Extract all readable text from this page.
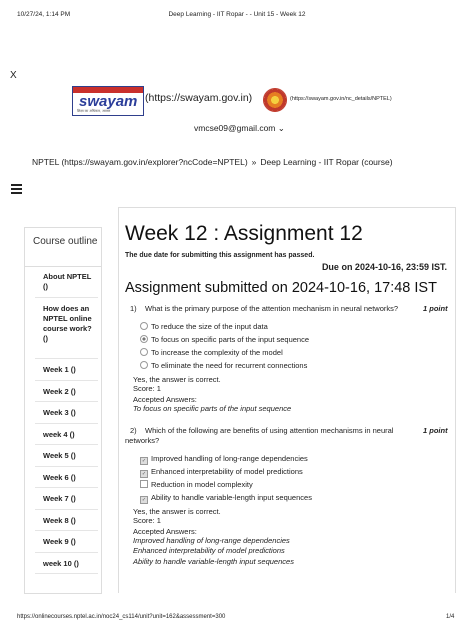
10/27/24, 1:14 PM	Deep Learning - IIT Ropar - - Unit 15 - Week 12
X
swayam
शिक्षा का अधिकार, अवसर
(https://swayam.gov.in)	(https://swayam.gov.in/nc_details/NPTEL)
vmcse09@gmail.com ⌄
NPTEL (https://swayam.gov.in/explorer?ncCode=NPTEL) » Deep Learning - IIT Ropar (course)
Course outline
About NPTEL ()
How does an NPTEL online course work? ()
Week 1 ()
Week 2 ()
Week 3 ()
week 4 ()
Week 5 ()
Week 6 ()
Week 7 ()
Week 8 ()
Week 9 ()
week 10 ()
Week 12 : Assignment 12
The due date for submitting this assignment has passed.
Due on 2024-10-16, 23:59 IST.
Assignment submitted on 2024-10-16, 17:48 IST
1) What is the primary purpose of the attention mechanism in neural networks?	1 point
To reduce the size of the input data
To focus on specific parts of the input sequence
To increase the complexity of the model
To eliminate the need for recurrent connections
Yes, the answer is correct.
Score: 1
Accepted Answers:
To focus on specific parts of the input sequence
2) Which of the following are benefits of using attention mechanisms in neural
networks?
1 point
✓ Improved handling of long-range dependencies
✓ Enhanced interpretability of model predictions
Reduction in model complexity
✓ Ability to handle variable-length input sequences
Yes, the answer is correct.
Score: 1
Accepted Answers:
Improved handling of long-range dependencies
Enhanced interpretability of model predictions
Ability to handle variable-length input sequences
https://onlinecourses.nptel.ac.in/noc24_cs114/unit?unit=162&assessment=300	1/4
